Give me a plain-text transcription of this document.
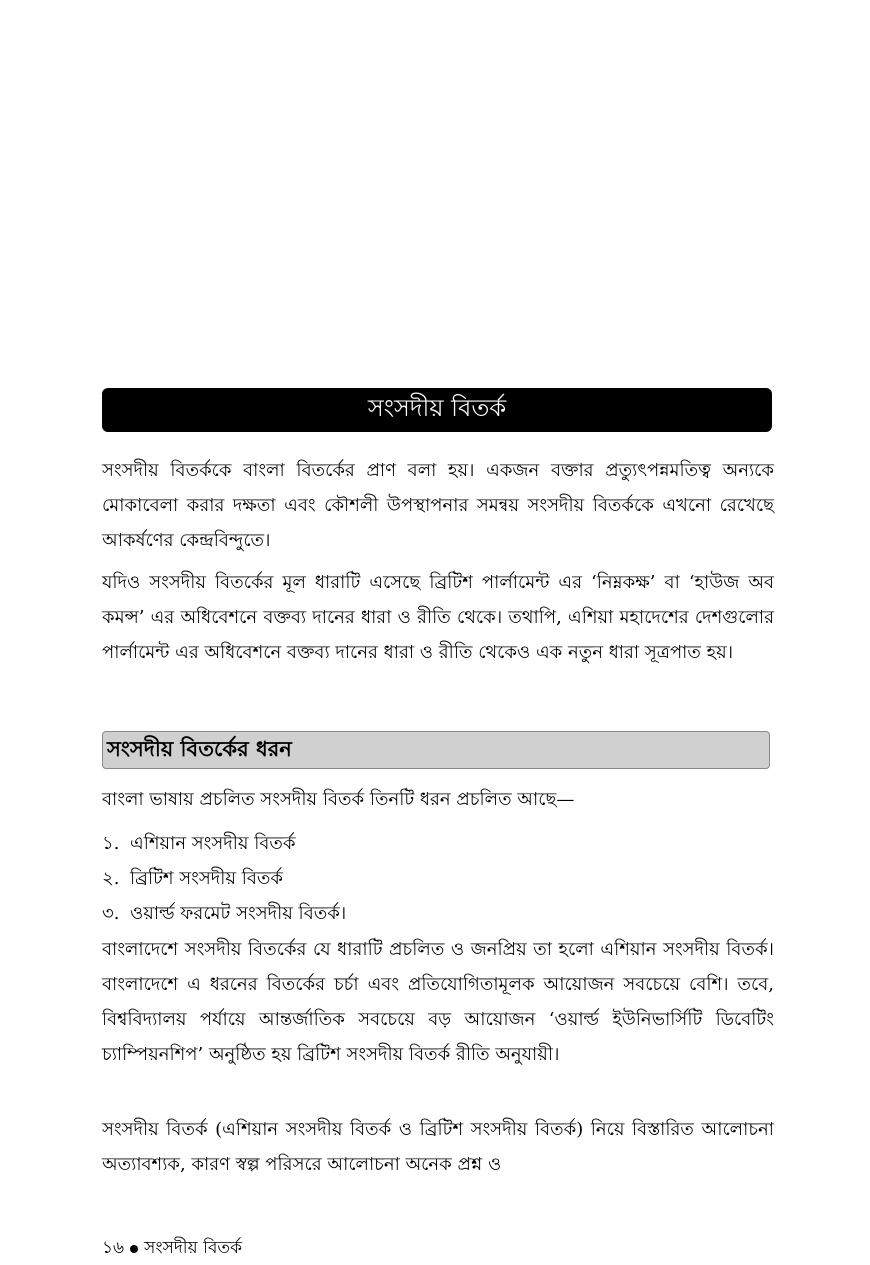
সংসদীয় বিতর্ক

সংসদীয় বিতর্ককে বাংলা বিতর্কের প্রাণ বলা হয়। একজন বক্তার প্রত্যুৎপন্নমতিত্ব অন্যকে মোকাবেলা করার দক্ষতা এবং কৌশলী উপস্থাপনার সমন্বয় সংসদীয় বিতর্ককে এখনো রেখেছে আকর্ষণের কেন্দ্রবিন্দুতে।

যদিও সংসদীয় বিতর্কের মূল ধারাটি এসেছে ব্রিটিশ পার্লামেন্ট এর ‘নিম্নকক্ষ’ বা ‘হাউজ অব কমন্স’ এর অধিবেশনে বক্তব্য দানের ধারা ও রীতি থেকে। তথাপি, এশিয়া মহাদেশের দেশগুলোর পার্লামেন্ট এর অধিবেশনে বক্তব্য দানের ধারা ও রীতি থেকেও এক নতুন ধারা সূত্রপাত হয়।

সংসদীয় বিতর্কের ধরন

বাংলা ভাষায় প্রচলিত সংসদীয় বিতর্ক তিনটি ধরন প্রচলিত আছে—

১. এশিয়ান সংসদীয় বিতর্ক
২. ব্রিটিশ সংসদীয় বিতর্ক
৩. ওয়ার্ল্ড ফরমেট সংসদীয় বিতর্ক।

বাংলাদেশে সংসদীয় বিতর্কের যে ধারাটি প্রচলিত ও জনপ্রিয় তা হলো এশিয়ান সংসদীয় বিতর্ক। বাংলাদেশে এ ধরনের বিতর্কের চর্চা এবং প্রতিযোগিতামূলক আয়োজন সবচেয়ে বেশি। তবে, বিশ্ববিদ্যালয় পর্যায়ে আন্তর্জাতিক সবচেয়ে বড় আয়োজন ‘ওয়ার্ল্ড ইউনিভার্সিটি ডিবেটিং চ্যাম্পিয়নশিপ’ অনুষ্ঠিত হয় ব্রিটিশ সংসদীয় বিতর্ক রীতি অনুযায়ী।

সংসদীয় বিতর্ক (এশিয়ান সংসদীয় বিতর্ক ও ব্রিটিশ সংসদীয় বিতর্ক) নিয়ে বিস্তারিত আলোচনা অত্যাবশ্যক, কারণ স্বল্প পরিসরে আলোচনা অনেক প্রশ্ন ও

১৬ সংসদীয় বিতর্ক
